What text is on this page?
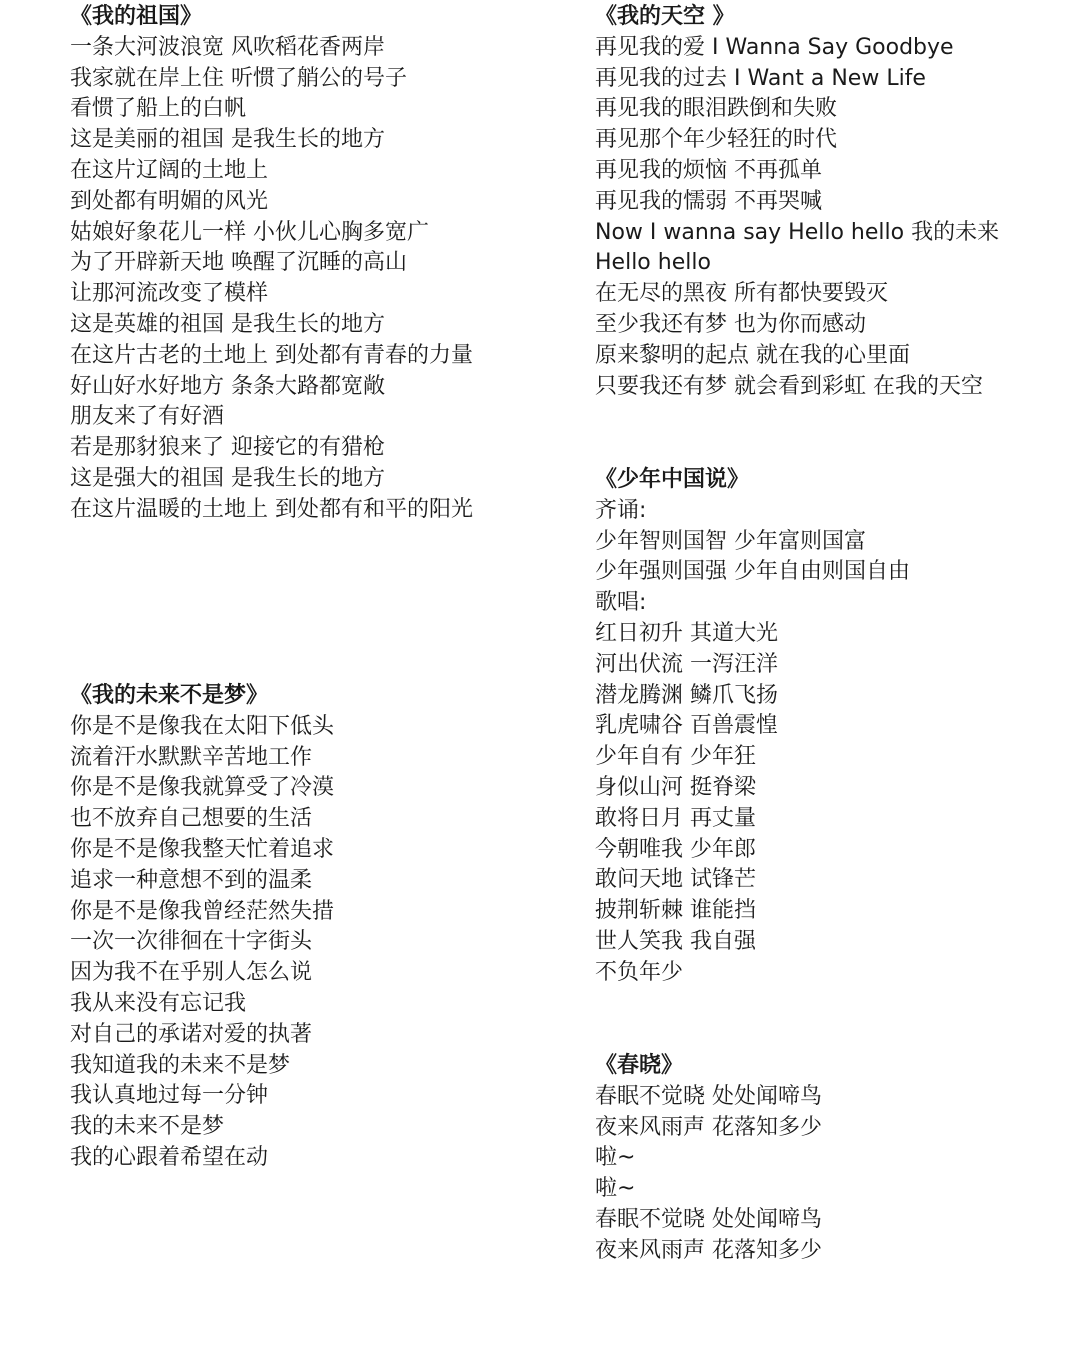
《我的祖国》
一条大河波浪宽 风吹稻花香两岸
我家就在岸上住 听惯了艄公的号子
看惯了船上的白帆
这是美丽的祖国 是我生长的地方
在这片辽阔的土地上
到处都有明媚的风光
姑娘好象花儿一样 小伙儿心胸多宽广
为了开辟新天地 唤醒了沉睡的高山
让那河流改变了模样
这是英雄的祖国 是我生长的地方
在这片古老的土地上 到处都有青春的力量
好山好水好地方 条条大路都宽敞
朋友来了有好酒
若是那豺狼来了 迎接它的有猎枪
这是强大的祖国 是我生长的地方
在这片温暖的土地上 到处都有和平的阳光
《我的未来不是梦》
你是不是像我在太阳下低头
流着汗水默默辛苦地工作
你是不是像我就算受了冷漠
也不放弃自己想要的生活
你是不是像我整天忙着追求
追求一种意想不到的温柔
你是不是像我曾经茫然失措
一次一次徘徊在十字街头
因为我不在乎别人怎么说
我从来没有忘记我
对自己的承诺对爱的执著
我知道我的未来不是梦
我认真地过每一分钟
我的未来不是梦
我的心跟着希望在动
《我的天空 》
再见我的爱 I Wanna Say Goodbye
再见我的过去 I Want a New Life
再见我的眼泪跌倒和失败
再见那个年少轻狂的时代
再见我的烦恼 不再孤单
再见我的懦弱 不再哭喊
Now I wanna say Hello hello 我的未来
Hello hello
在无尽的黑夜 所有都快要毁灭
至少我还有梦 也为你而感动
原来黎明的起点 就在我的心里面
只要我还有梦 就会看到彩虹 在我的天空
《少年中国说》
齐诵:
少年智则国智 少年富则国富
少年强则国强 少年自由则国自由
歌唱:
红日初升 其道大光
河出伏流 一泻汪洋
潜龙腾渊 鳞爪飞扬
乳虎啸谷 百兽震惶
少年自有 少年狂
身似山河 挺脊梁
敢将日月 再丈量
今朝唯我 少年郎
敢问天地 试锋芒
披荆斩棘 谁能挡
世人笑我 我自强
不负年少
《春晓》
春眠不觉晓 处处闻啼鸟
夜来风雨声 花落知多少
啦~
啦~
春眠不觉晓 处处闻啼鸟
夜来风雨声 花落知多少
